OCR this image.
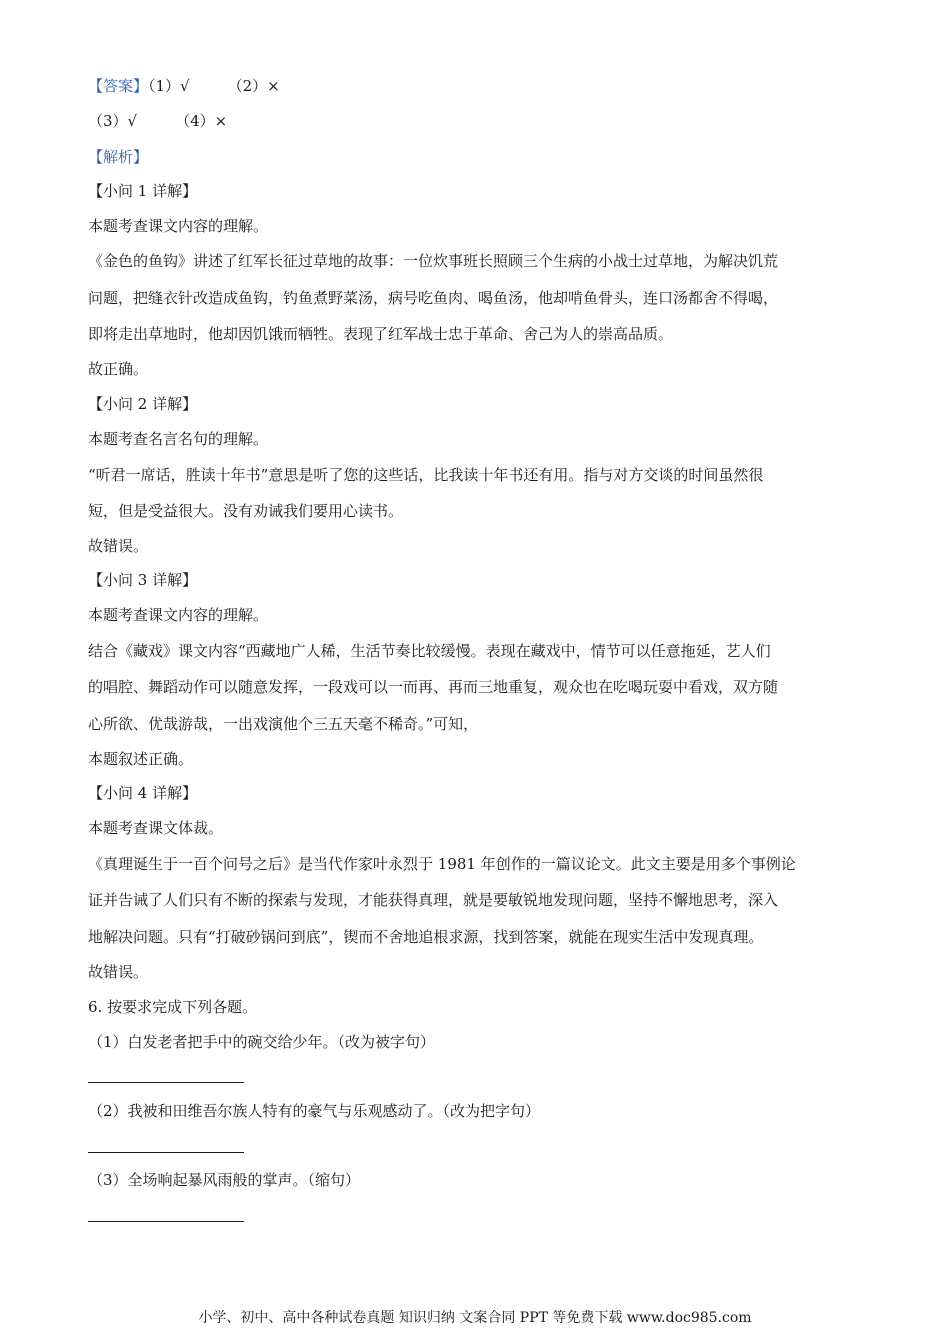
【答案】（1）√	（2）×

（3）√	（4）×

【解析】

【小问 1 详解】

本题考查课文内容的理解。

《金色的鱼钩》讲述了红军长征过草地的故事：一位炊事班长照顾三个生病的小战士过草地，为解决饥荒

问题，把缝衣针改造成鱼钩，钓鱼煮野菜汤，病号吃鱼肉、喝鱼汤，他却啃鱼骨头，连口汤都舍不得喝，

即将走出草地时，他却因饥饿而牺牲。表现了红军战士忠于革命、舍己为人的崇高品质。

故正确。

【小问 2 详解】

本题考查名言名句的理解。

“听君一席话，胜读十年书”意思是听了您的这些话，比我读十年书还有用。指与对方交谈的时间虽然很

短，但是受益很大。没有劝诫我们要用心读书。

故错误。

【小问 3 详解】

本题考查课文内容的理解。

结合《藏戏》课文内容“西藏地广人稀，生活节奏比较缓慢。表现在藏戏中，情节可以任意拖延，艺人们

的唱腔、舞蹈动作可以随意发挥，一段戏可以一而再、再而三地重复，观众也在吃喝玩耍中看戏，双方随

心所欲、优哉游哉，一出戏演他个三五天毫不稀奇。”可知，

本题叙述正确。

【小问 4 详解】

本题考查课文体裁。

《真理诞生于一百个问号之后》是当代作家叶永烈于 1981 年创作的一篇议论文。此文主要是用多个事例论

证并告诫了人们只有不断的探索与发现，才能获得真理，就是要敏锐地发现问题，坚持不懈地思考，深入

地解决问题。只有“打破砂锅问到底”，锲而不舍地追根求源，找到答案，就能在现实生活中发现真理。

故错误。

6. 按要求完成下列各题。

（1）白发老者把手中的碗交给少年。（改为被字句）

（2）我被和田维吾尔族人特有的豪气与乐观感动了。（改为把字句）

（3）全场响起暴风雨般的掌声。（缩句）

小学、初中、高中各种试卷真题 知识归纳 文案合同 PPT 等免费下载 www.doc985.com
